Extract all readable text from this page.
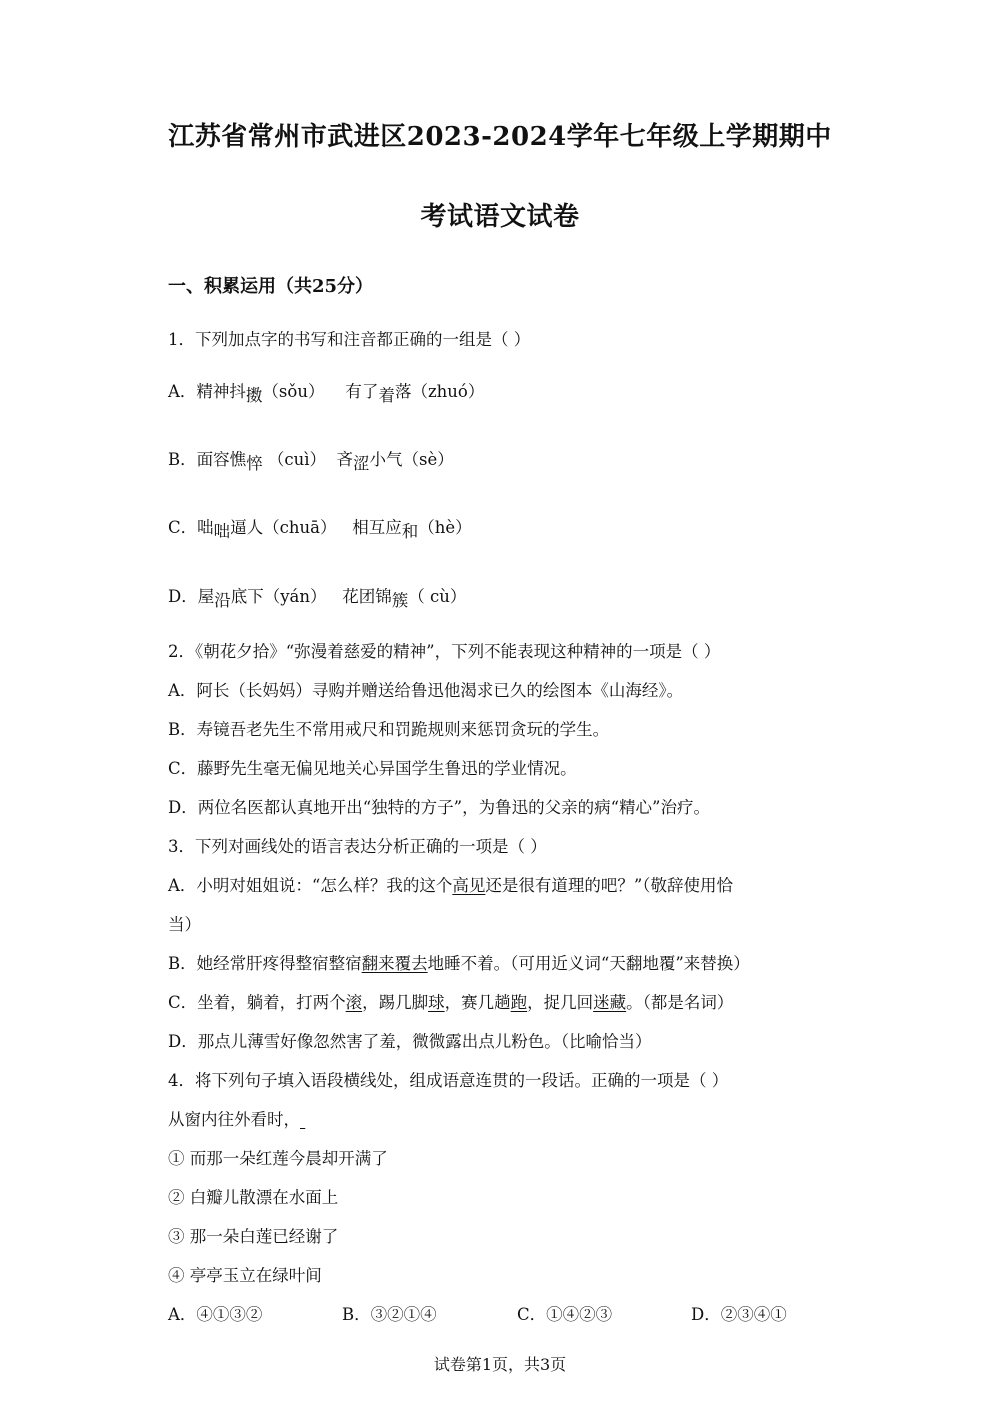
江苏省常州市武进区2023-2024学年七年级上学期期中
考试语文试卷
一、积累运用（共25分）
1．下列加点字的书写和注音都正确的一组是（ ）
A．精神抖擞（sǒu）    有了着落（zhuó）
B．面容憔悴 （cuì）  吝涩小气（sè）
C．咄咄逼人（chuā）   相互应和（hè）
D．屋沿底下（yán）   花团锦簇（ cù）
2．《朝花夕拾》“弥漫着慈爱的精神”，下列不能表现这种精神的一项是（ ）
A．阿长（长妈妈）寻购并赠送给鲁迅他渴求已久的绘图本《山海经》。
B．寿镜吾老先生不常用戒尺和罚跪规则来惩罚贪玩的学生。
C．藤野先生毫无偏见地关心异国学生鲁迅的学业情况。
D．两位名医都认真地开出“独特的方子”，为鲁迅的父亲的病“精心”治疗。
3．下列对画线处的语言表达分析正确的一项是（ ）
A．小明对姐姐说：“怎么样？我的这个高见还是很有道理的吧？”（敬辞使用恰
当）
B．她经常肝疼得整宿整宿翻来覆去地睡不着。（可用近义词“天翻地覆”来替换）
C．坐着，躺着，打两个滚，踢几脚球，赛几趟跑，捉几回迷藏。（都是名词）
D．那点儿薄雪好像忽然害了羞，微微露出点儿粉色。（比喻恰当）
4．将下列句子填入语段横线处，组成语意连贯的一段话。正确的一项是（ ）
从窗内往外看时，
① 而那一朵红莲今晨却开满了
② 白瓣儿散漂在水面上
③ 那一朵白莲已经谢了
④ 亭亭玉立在绿叶间
A．④①③②	B．③②①④	C．①④②③	D．②③④①
试卷第1页，共3页
